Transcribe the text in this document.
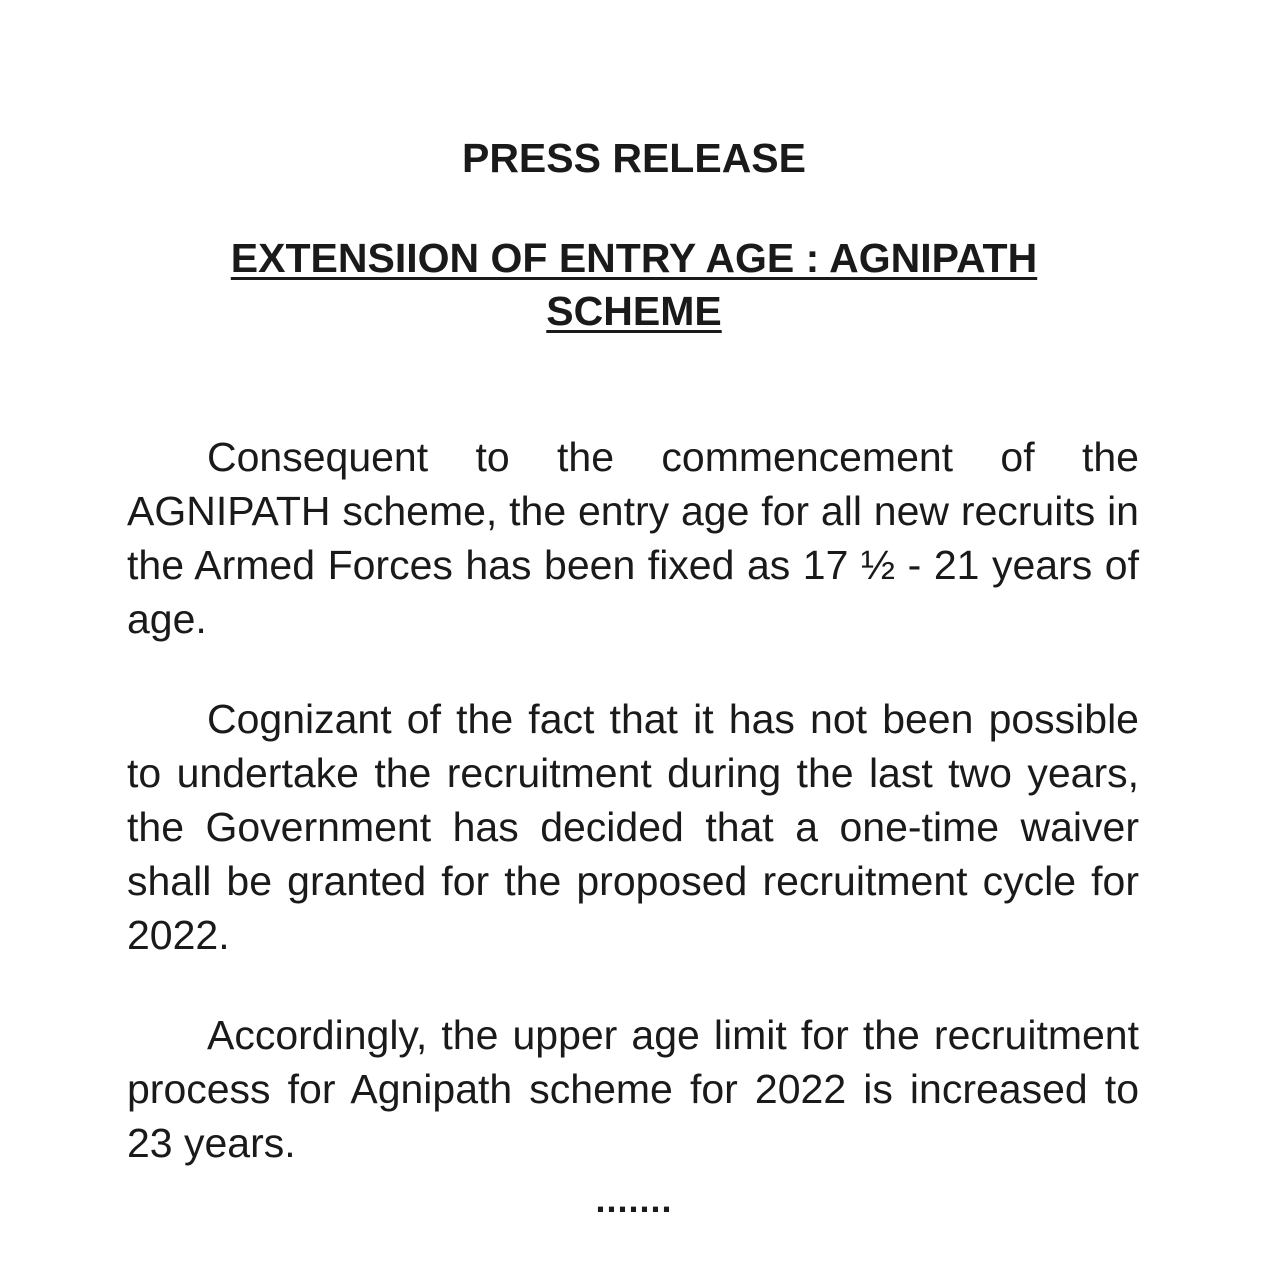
PRESS RELEASE
EXTENSIION OF ENTRY AGE : AGNIPATH
SCHEME

Consequent to the commencement of the AGNIPATH scheme, the entry age for all new recruits in the Armed Forces has been fixed as 17 ½ - 21 years of age.

Cognizant of the fact that it has not been possible to undertake the recruitment during the last two years, the Government has decided that a one-time waiver shall be granted for the proposed recruitment cycle for 2022.

Accordingly, the upper age limit for the recruitment process for Agnipath scheme for 2022 is increased to 23 years.

.......
